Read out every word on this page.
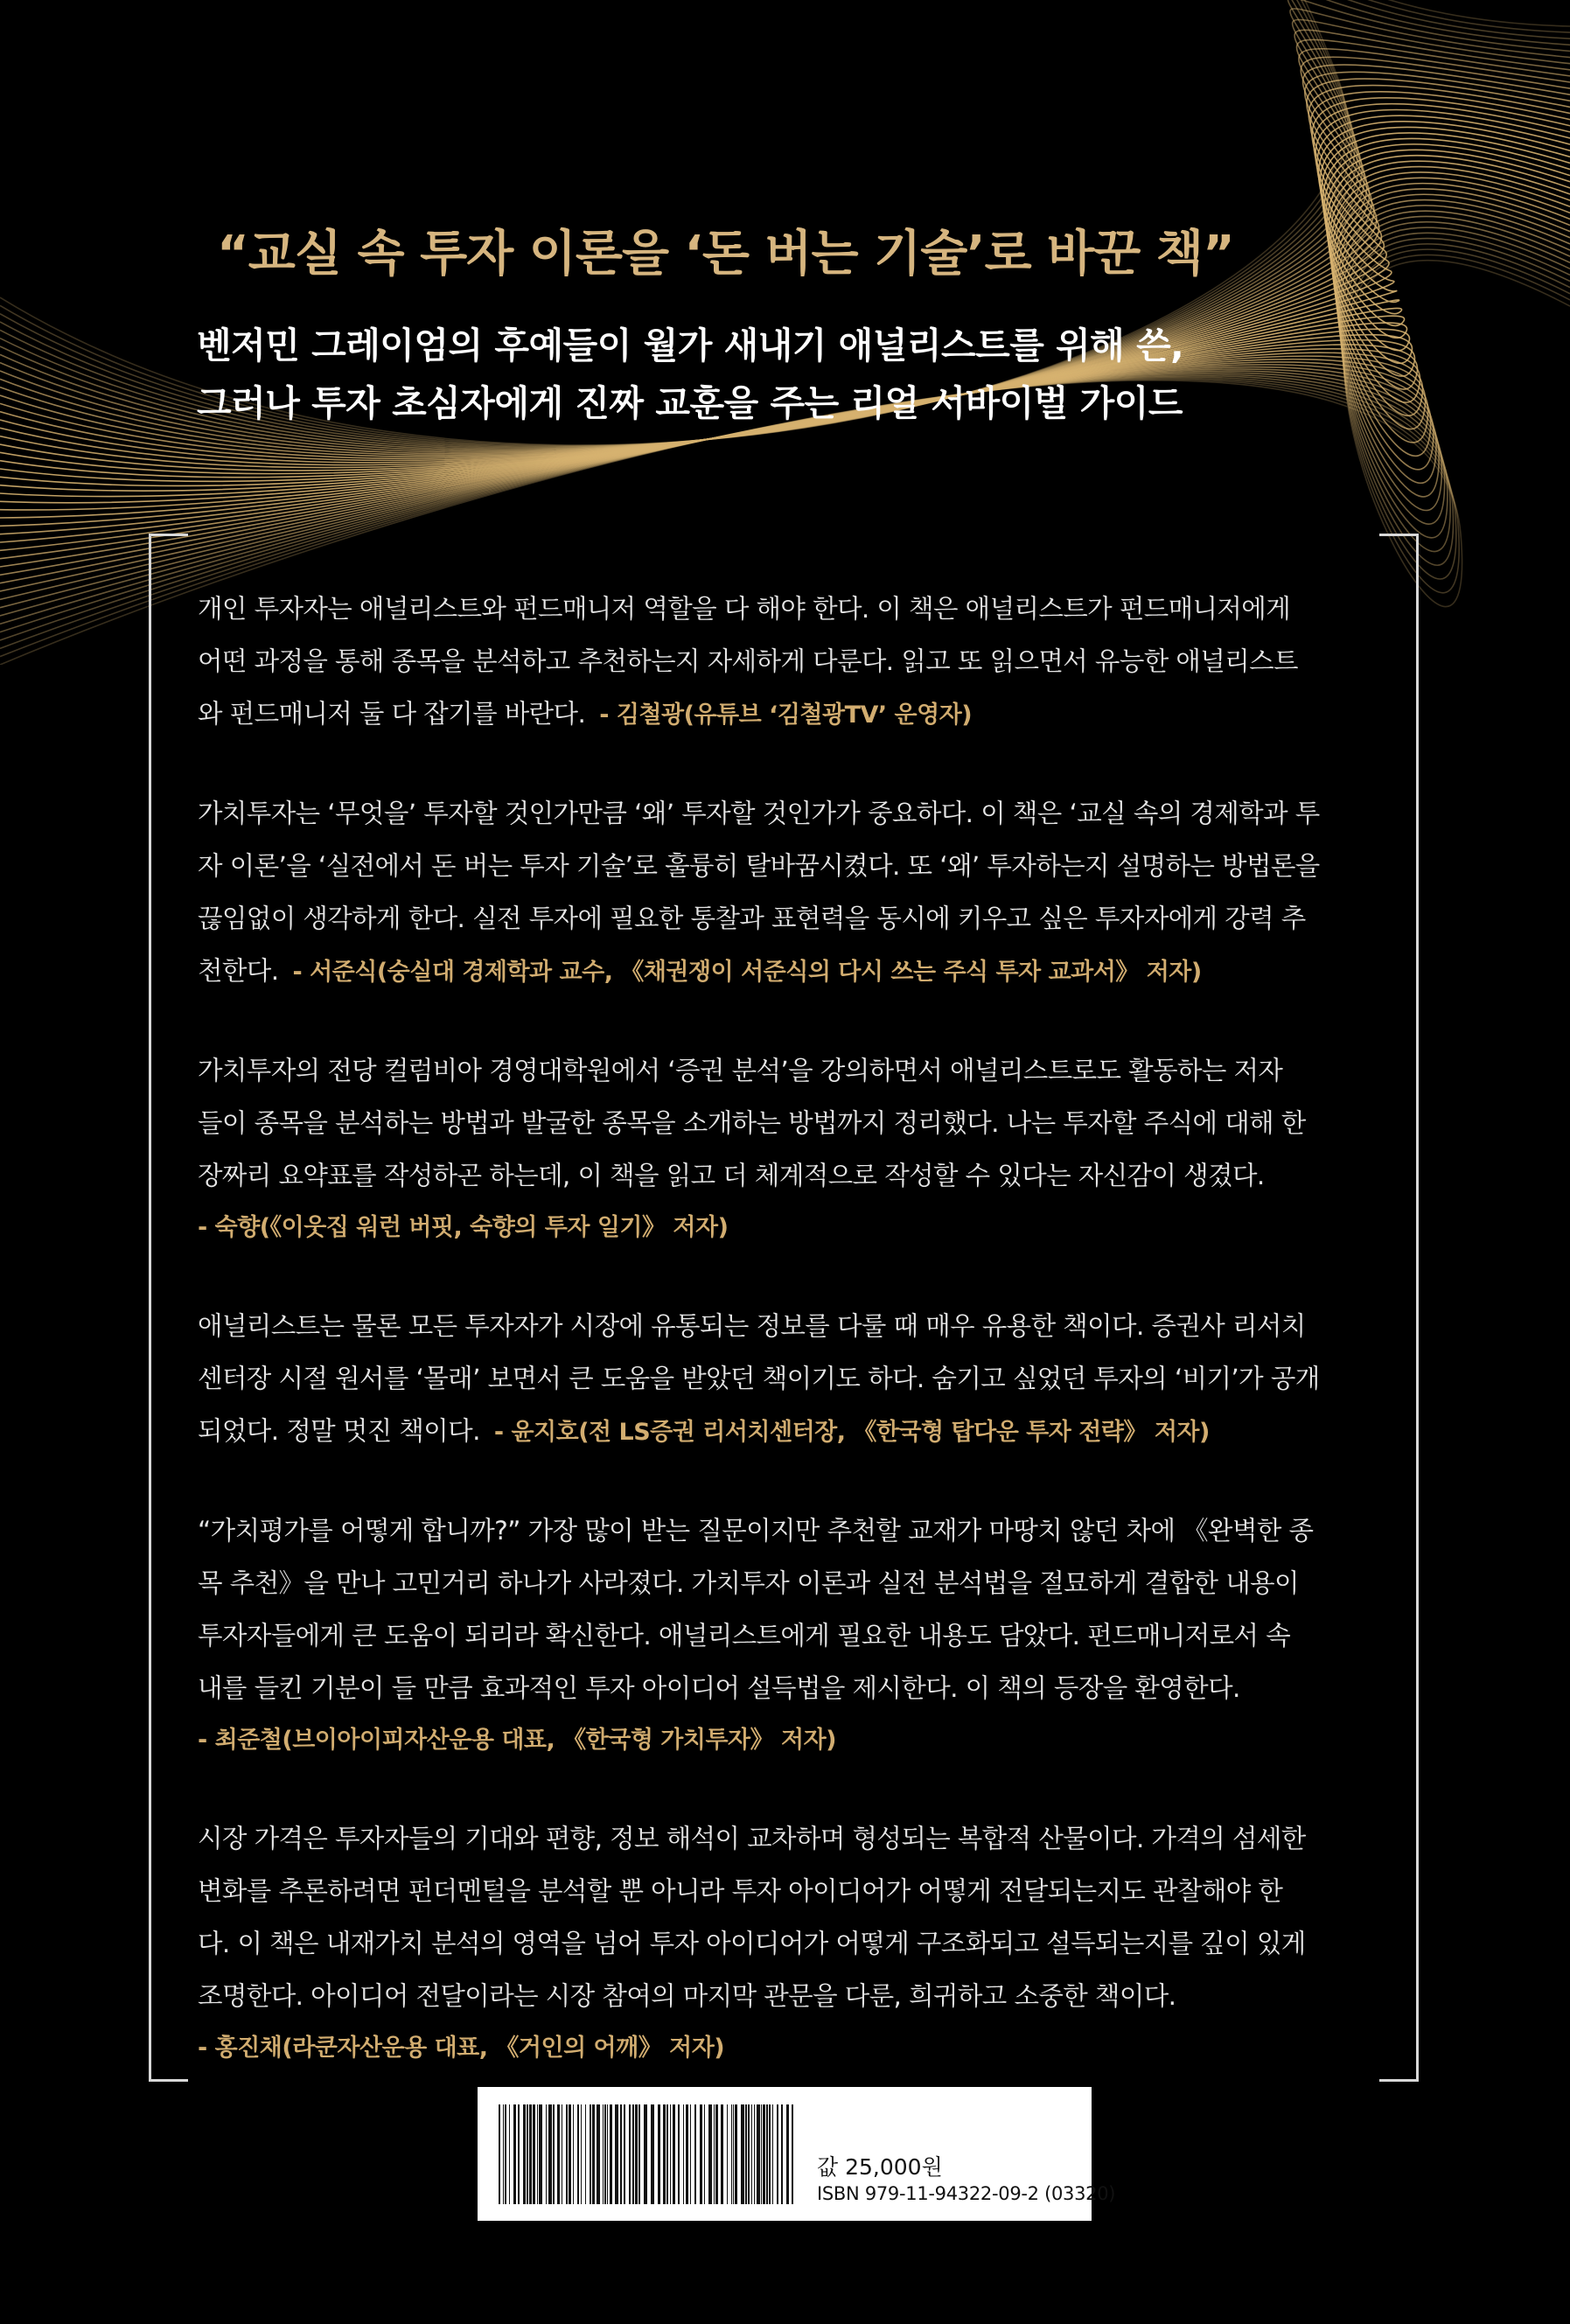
“교실 속 투자 이론을 ‘돈 버는 기술’로 바꾼 책”
벤저민 그레이엄의 후예들이 월가 새내기 애널리스트를 위해 쓴,
그러나 투자 초심자에게 진짜 교훈을 주는 리얼 서바이벌 가이드
개인 투자자는 애널리스트와 펀드매니저 역할을 다 해야 한다. 이 책은 애널리스트가 펀드매니저에게
어떤 과정을 통해 종목을 분석하고 추천하는지 자세하게 다룬다. 읽고 또 읽으면서 유능한 애널리스트
와 펀드매니저 둘 다 잡기를 바란다. - 김철광(유튜브 ‘김철광TV’ 운영자)
가치투자는 ‘무엇을’ 투자할 것인가만큼 ‘왜’ 투자할 것인가가 중요하다. 이 책은 ‘교실 속의 경제학과 투
자 이론’을 ‘실전에서 돈 버는 투자 기술’로 훌륭히 탈바꿈시켰다. 또 ‘왜’ 투자하는지 설명하는 방법론을
끊임없이 생각하게 한다. 실전 투자에 필요한 통찰과 표현력을 동시에 키우고 싶은 투자자에게 강력 추
천한다. - 서준식(숭실대 경제학과 교수, 《채권쟁이 서준식의 다시 쓰는 주식 투자 교과서》 저자)
가치투자의 전당 컬럼비아 경영대학원에서 ‘증권 분석’을 강의하면서 애널리스트로도 활동하는 저자
들이 종목을 분석하는 방법과 발굴한 종목을 소개하는 방법까지 정리했다. 나는 투자할 주식에 대해 한
장짜리 요약표를 작성하곤 하는데, 이 책을 읽고 더 체계적으로 작성할 수 있다는 자신감이 생겼다.
- 숙향(《이웃집 워런 버핏, 숙향의 투자 일기》 저자)
애널리스트는 물론 모든 투자자가 시장에 유통되는 정보를 다룰 때 매우 유용한 책이다. 증권사 리서치
센터장 시절 원서를 ‘몰래’ 보면서 큰 도움을 받았던 책이기도 하다. 숨기고 싶었던 투자의 ‘비기’가 공개
되었다. 정말 멋진 책이다. - 윤지호(전 LS증권 리서치센터장, 《한국형 탑다운 투자 전략》 저자)
“가치평가를 어떻게 합니까?” 가장 많이 받는 질문이지만 추천할 교재가 마땅치 않던 차에 《완벽한 종
목 추천》을 만나 고민거리 하나가 사라졌다. 가치투자 이론과 실전 분석법을 절묘하게 결합한 내용이
투자자들에게 큰 도움이 되리라 확신한다. 애널리스트에게 필요한 내용도 담았다. 펀드매니저로서 속
내를 들킨 기분이 들 만큼 효과적인 투자 아이디어 설득법을 제시한다. 이 책의 등장을 환영한다.
- 최준철(브이아이피자산운용 대표, 《한국형 가치투자》 저자)
시장 가격은 투자자들의 기대와 편향, 정보 해석이 교차하며 형성되는 복합적 산물이다. 가격의 섬세한
변화를 추론하려면 펀더멘털을 분석할 뿐 아니라 투자 아이디어가 어떻게 전달되는지도 관찰해야 한
다. 이 책은 내재가치 분석의 영역을 넘어 투자 아이디어가 어떻게 구조화되고 설득되는지를 깊이 있게
조명한다. 아이디어 전달이라는 시장 참여의 마지막 관문을 다룬, 희귀하고 소중한 책이다.
- 홍진채(라쿤자산운용 대표, 《거인의 어깨》 저자)
값 25,000원
ISBN 979-11-94322-09-2 (03320)
